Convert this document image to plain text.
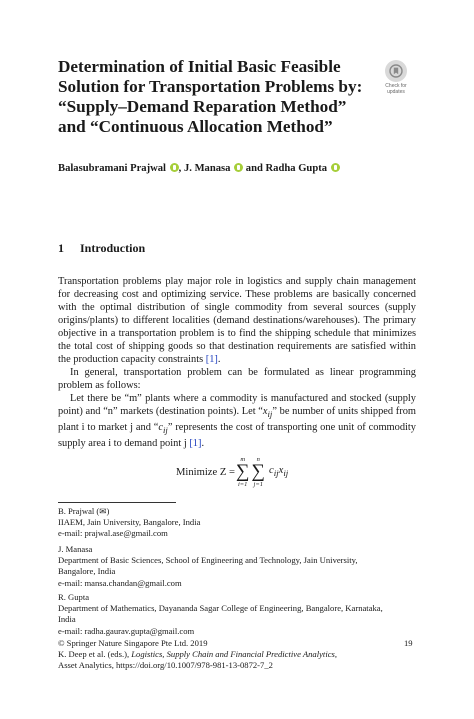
Determination of Initial Basic Feasible
Solution for Transportation Problems by:
“Supply–Demand Reparation Method”
and “Continuous Allocation Method”
Check for
updates
Balasubramani Prajwal , J. Manasa  and Radha Gupta
1 Introduction

Transportation problems play major role in logistics and supply chain management for decreasing cost and optimizing service. These problems are basically concerned with the optimal distribution of single commodity from several sources (supply origins/plants) to different localities (demand destinations/warehouses). The primary objective in a transportation problem is to find the shipping schedule that minimizes the total cost of shipping goods so that destination requirements are satisfied within the production capacity constraints [1].

In general, transportation problem can be formulated as linear programming problem as follows:

Let there be “m” plants where a commodity is manufactured and stocked (supply point) and “n” markets (destination points). Let “$x_{ij}$” be number of units shipped from plant i to market j and “$c_{ij}$” represents the cost of transporting one unit of commodity supply area i to demand point j [1].

Minimize Z =
m
∑
i=1
n
∑
j=1
$c_{ij}x_{ij}$

B. Prajwal (✉)
IIAEM, Jain University, Bangalore, India
e-mail: prajwal.ase@gmail.com

J. Manasa
Department of Basic Sciences, School of Engineering and Technology, Jain University,
Bangalore, India
e-mail: mansa.chandan@gmail.com

R. Gupta
Department of Mathematics, Dayananda Sagar College of Engineering, Bangalore, Karnataka,
India
e-mail: radha.gaurav.gupta@gmail.com

© Springer Nature Singapore Pte Ltd. 2019
K. Deep et al. (eds.), Logistics, Supply Chain and Financial Predictive Analytics,
Asset Analytics, https://doi.org/10.1007/978-981-13-0872-7_2

19
